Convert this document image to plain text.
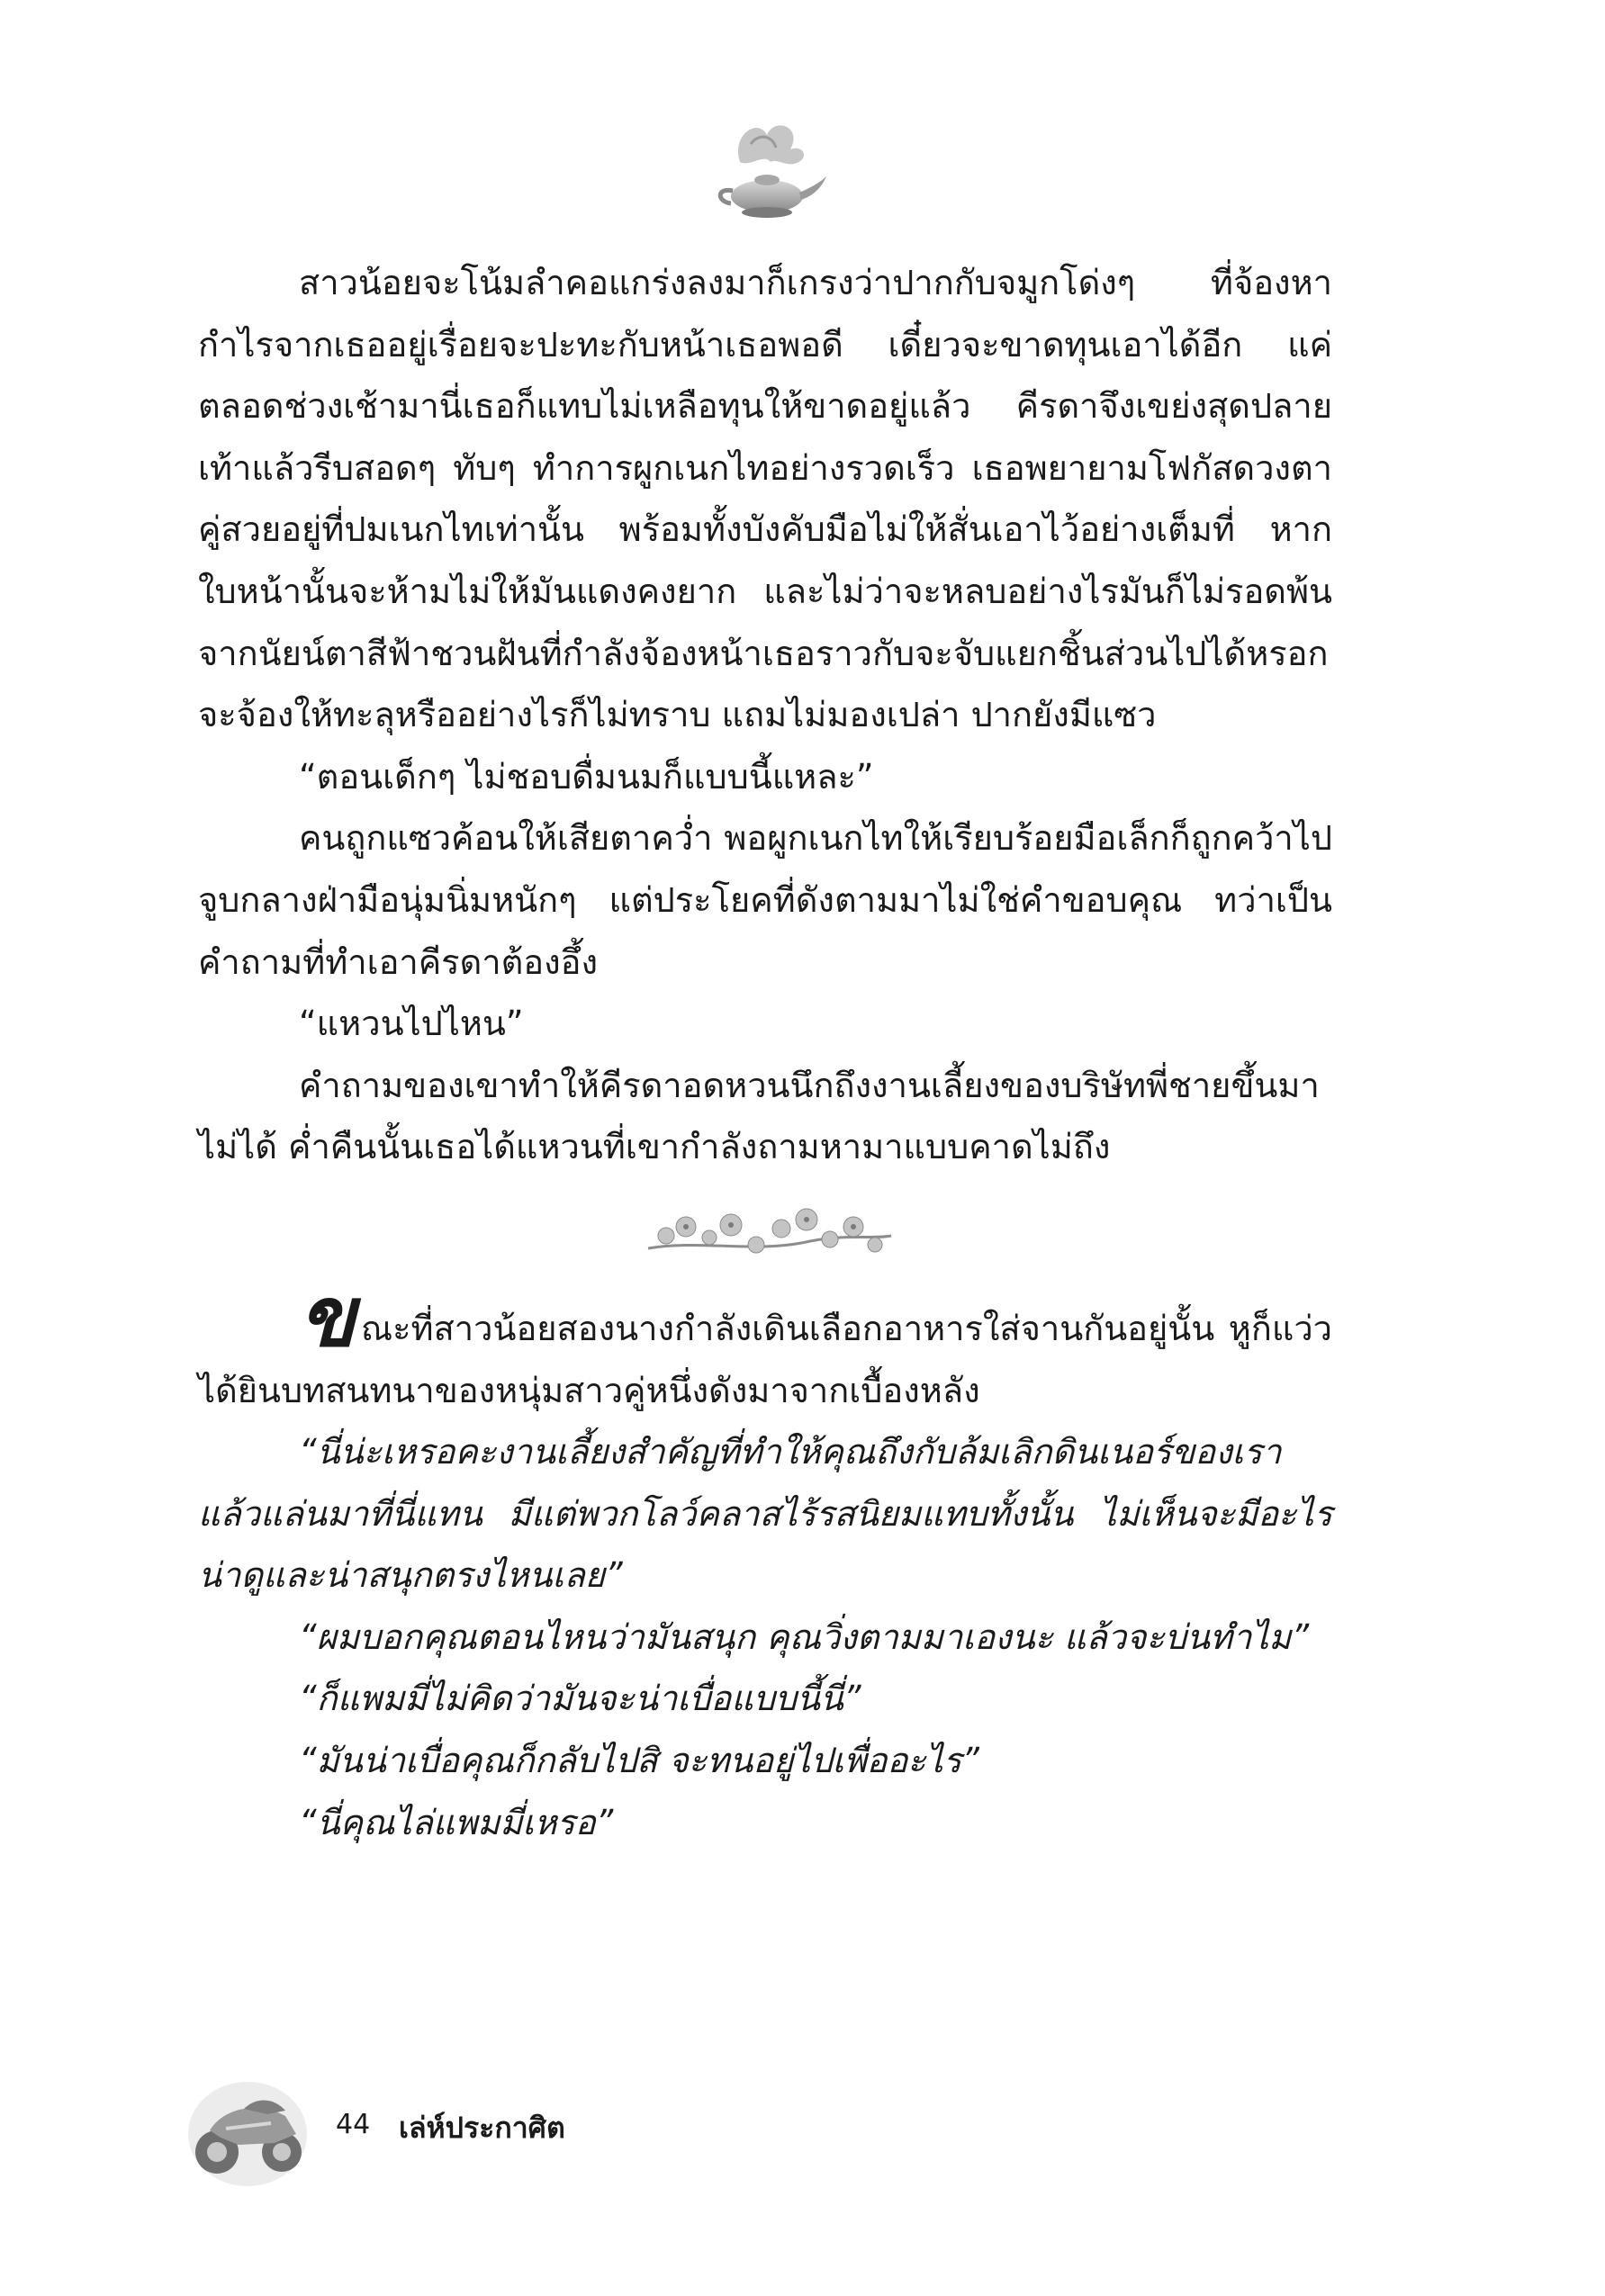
สาวน้อยจะโน้มลำคอแกร่งลงมาก็เกรงว่าปากกับจมูกโด่งๆ ที่จ้องหากำไรจากเธออยู่เรื่อยจะปะทะกับหน้าเธอพอดี เดี๋ยวจะขาดทุนเอาได้อีก แค่ตลอดช่วงเช้ามานี่เธอก็แทบไม่เหลือทุนให้ขาดอยู่แล้ว คีรดาจึงเขย่งสุดปลายเท้าแล้วรีบสอดๆ ทับๆ ทำการผูกเนกไทอย่างรวดเร็ว เธอพยายามโฟกัสดวงตาคู่สวยอยู่ที่ปมเนกไทเท่านั้น พร้อมทั้งบังคับมือไม่ให้สั่นเอาไว้อย่างเต็มที่ หากใบหน้านั้นจะห้ามไม่ให้มันแดงคงยาก และไม่ว่าจะหลบอย่างไรมันก็ไม่รอดพ้นจากนัยน์ตาสีฟ้าชวนฝันที่กำลังจ้องหน้าเธอราวกับจะจับแยกชิ้นส่วนไปได้หรอก จะจ้องให้ทะลุหรืออย่างไรก็ไม่ทราบ แถมไม่มองเปล่า ปากยังมีแซว

“ตอนเด็กๆ ไม่ชอบดื่มนมก็แบบนี้แหละ”

คนถูกแซวค้อนให้เสียตาคว่ำ พอผูกเนกไทให้เรียบร้อยมือเล็กก็ถูกคว้าไปจูบกลางฝ่ามือนุ่มนิ่มหนักๆ แต่ประโยคที่ดังตามมาไม่ใช่คำขอบคุณ ทว่าเป็นคำถามที่ทำเอาคีรดาต้องอึ้ง

“แหวนไปไหน”

คำถามของเขาทำให้คีรดาอดหวนนึกถึงงานเลี้ยงของบริษัทพี่ชายขึ้นมาไม่ได้ ค่ำคืนนั้นเธอได้แหวนที่เขากำลังถามหามาแบบคาดไม่ถึง

ขณะที่สาวน้อยสองนางกำลังเดินเลือกอาหารใส่จานกันอยู่นั้น หูก็แว่วได้ยินบทสนทนาของหนุ่มสาวคู่หนึ่งดังมาจากเบื้องหลัง

“นี่น่ะเหรอคะงานเลี้ยงสำคัญที่ทำให้คุณถึงกับล้มเลิกดินเนอร์ของเราแล้วแล่นมาที่นี่แทน มีแต่พวกโลว์คลาสไร้รสนิยมแทบทั้งนั้น ไม่เห็นจะมีอะไรน่าดูและน่าสนุกตรงไหนเลย”

“ผมบอกคุณตอนไหนว่ามันสนุก คุณวิ่งตามมาเองนะ แล้วจะบ่นทำไม”

“ก็แพมมี่ไม่คิดว่ามันจะน่าเบื่อแบบนี้นี่”

“มันน่าเบื่อคุณก็กลับไปสิ จะทนอยู่ไปเพื่ออะไร”

“นี่คุณไล่แพมมี่เหรอ”

44 เล่ห์ประกาศิต
